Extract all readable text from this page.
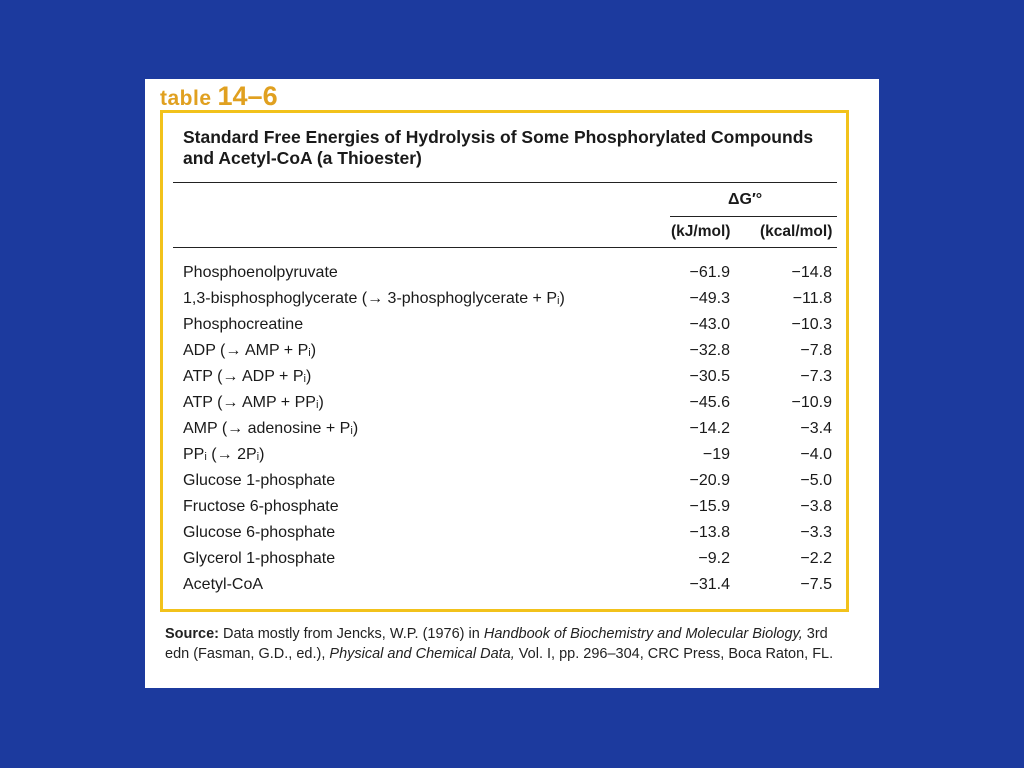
table 14–6
Standard Free Energies of Hydrolysis of Some Phosphorylated Compounds and Acetyl-CoA (a Thioester)
ΔG′°
(kJ/mol) (kcal/mol)
Phosphoenolpyruvate	−61.9	−14.8
1,3-bisphosphoglycerate (→ 3-phosphoglycerate + Pᵢ)	−49.3	−11.8
Phosphocreatine	−43.0	−10.3
ADP (→ AMP + Pᵢ)	−32.8	−7.8
ATP (→ ADP + Pᵢ)	−30.5	−7.3
ATP (→ AMP + PPᵢ)	−45.6	−10.9
AMP (→ adenosine + Pᵢ)	−14.2	−3.4
PPᵢ (→ 2Pᵢ)	−19	−4.0
Glucose 1-phosphate	−20.9	−5.0
Fructose 6-phosphate	−15.9	−3.8
Glucose 6-phosphate	−13.8	−3.3
Glycerol 1-phosphate	−9.2	−2.2
Acetyl-CoA	−31.4	−7.5
Source: Data mostly from Jencks, W.P. (1976) in Handbook of Biochemistry and Molecular Biology, 3rd edn (Fasman, G.D., ed.), Physical and Chemical Data, Vol. I, pp. 296–304, CRC Press, Boca Raton, FL.
